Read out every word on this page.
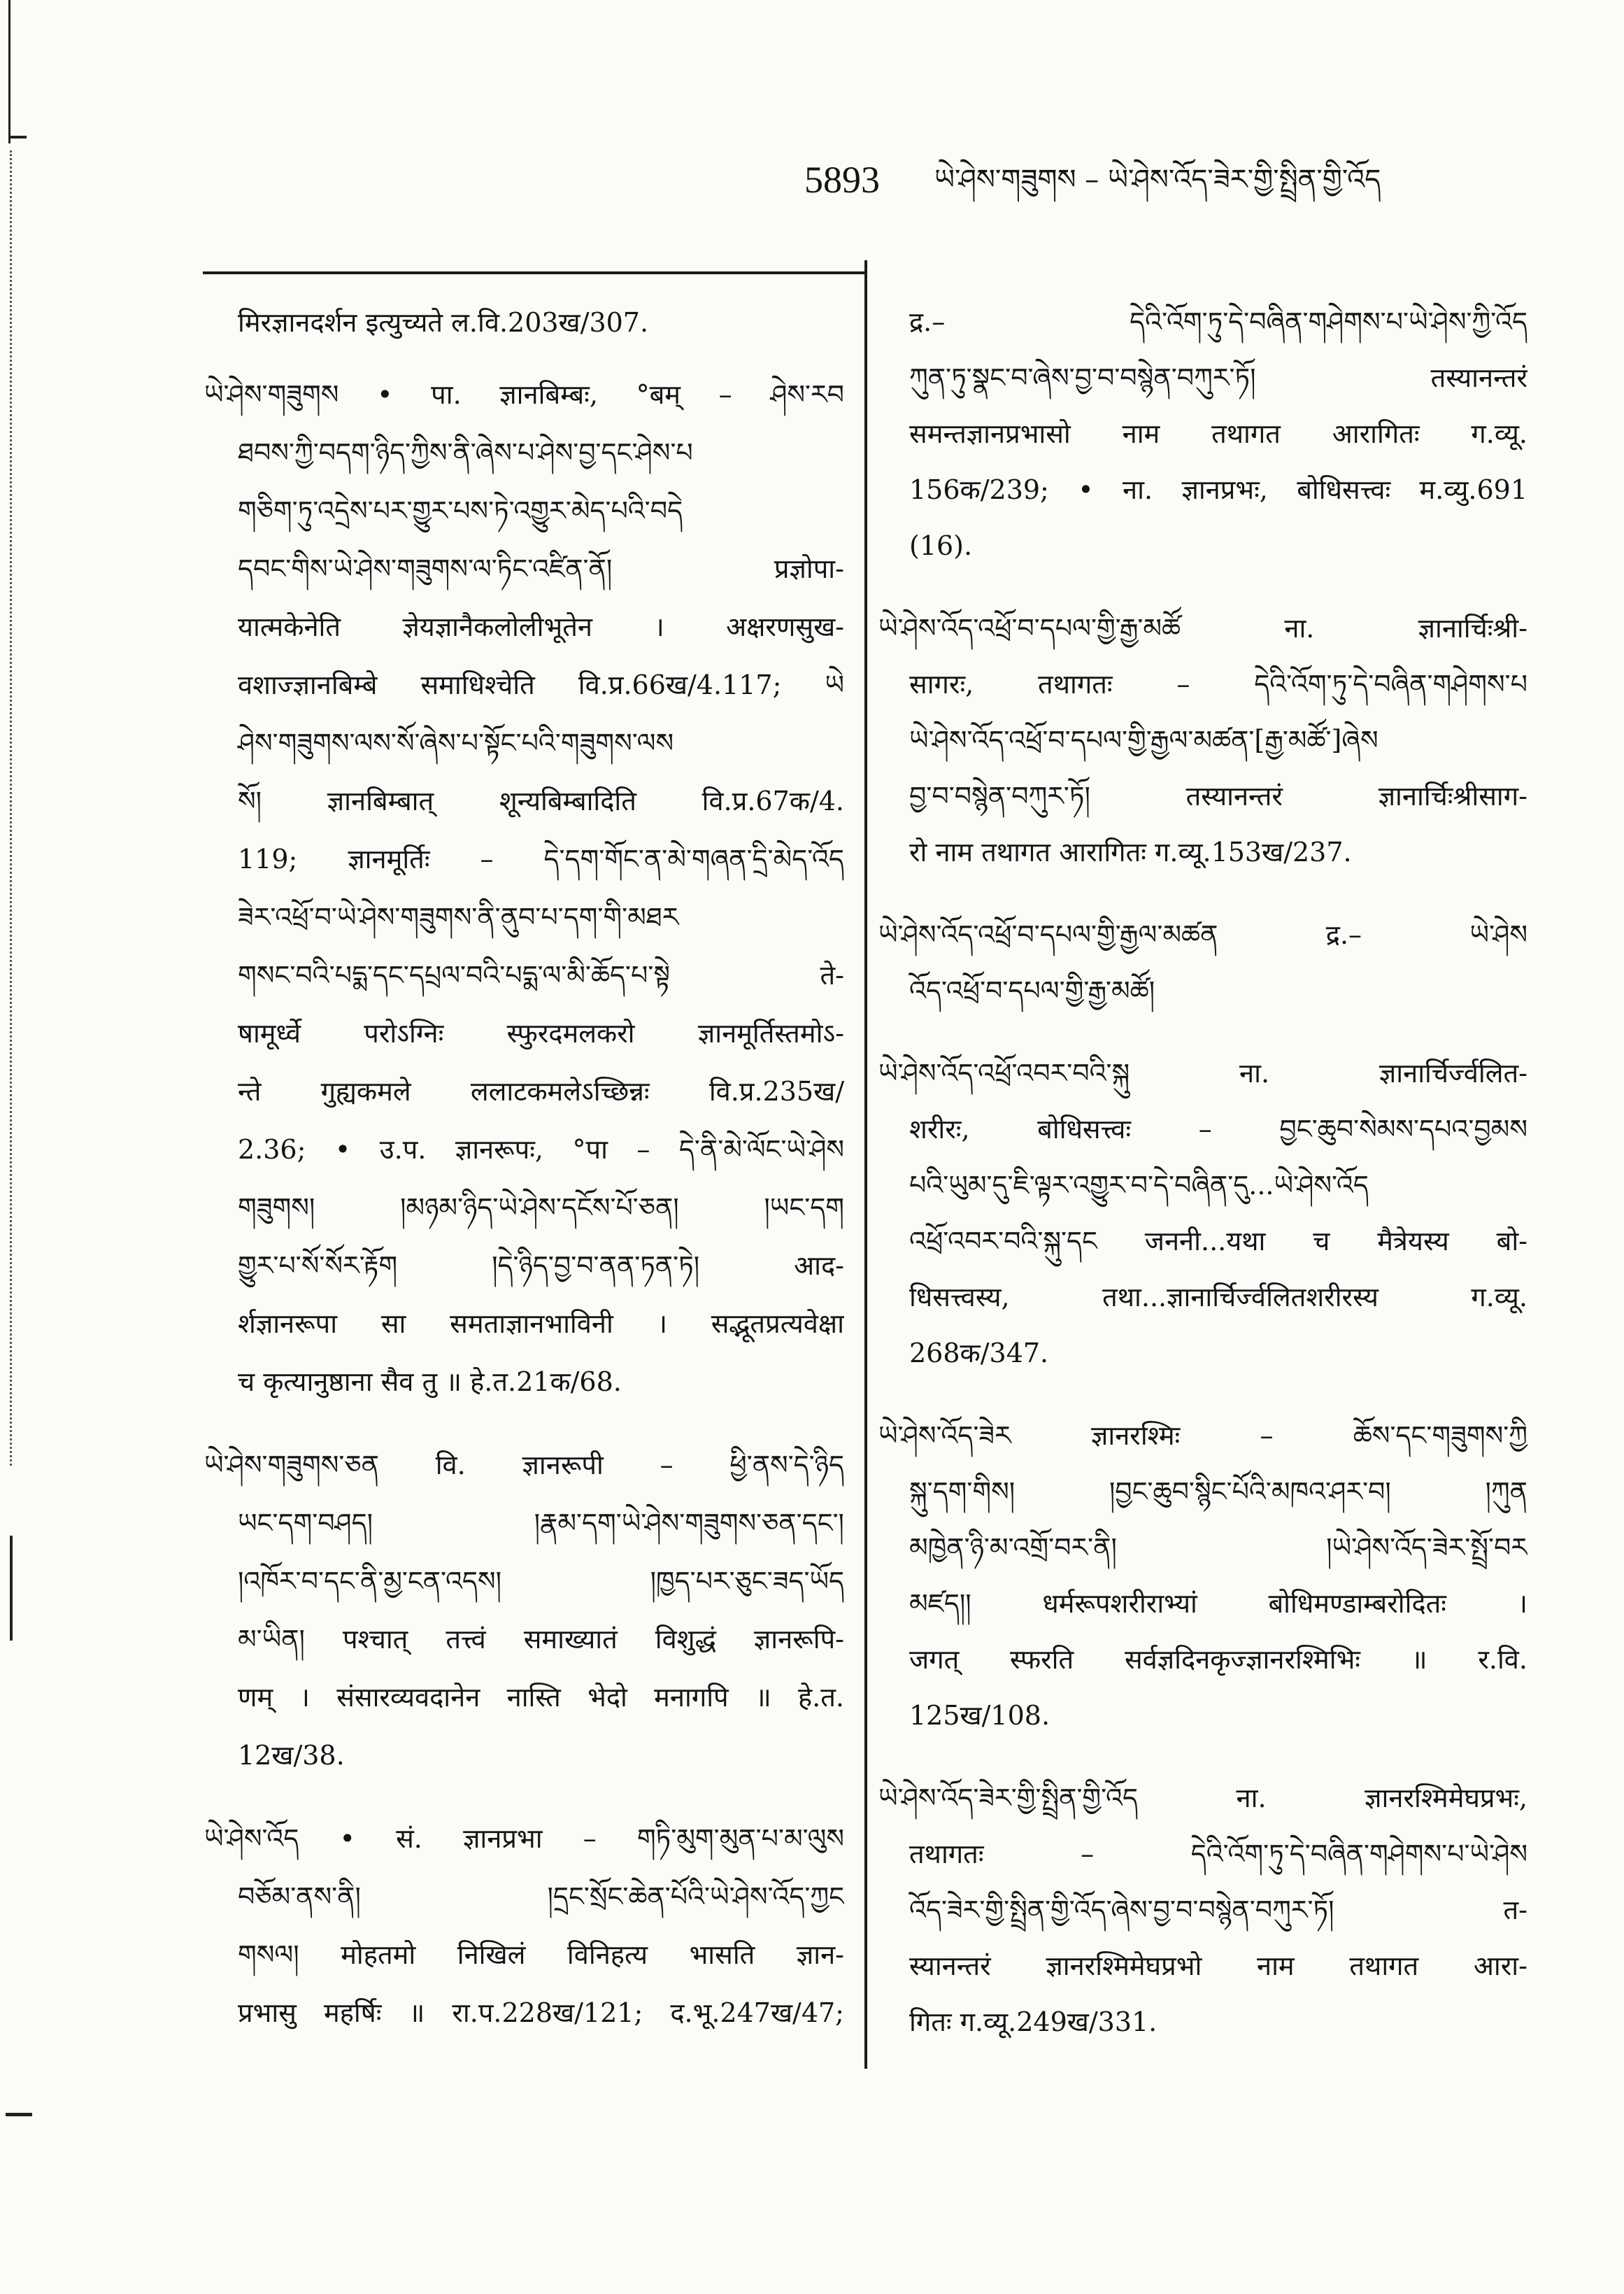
5893 ཡེ་ཤེས་གཟུགས – ཡེ་ཤེས་འོད་ཟེར་གྱི་སྤྲིན་གྱི་འོད
मिरज्ञानदर्शन इत्युच्यते ल.वि.203ख/307.
ཡེ་ཤེས་གཟུགས • पा. ज्ञानबिम्बः, °बम् – ཤེས་རབ
ཐབས་ཀྱི་བདག་ཉིད་ཀྱིས་ནི་ཞེས་པ་ཤེས་བྱ་དང་ཤེས་པ
གཅིག་ཏུ་འདྲེས་པར་གྱུར་པས་ཏེ་འགྱུར་མེད་པའི་བདེ
དབང་གིས་ཡེ་ཤེས་གཟུགས་ལ་ཏིང་འཛིན་ནོ། प्रज्ञोपा-
यात्मकेनेति ज्ञेयज्ञानैकलोलीभूतेन । अक्षरणसुख-
वशाज्ज्ञानबिम्बे समाधिश्चेति वि.प्र.66ख/4.117; ཡེ
ཤེས་གཟུགས་ལས་སོ་ཞེས་པ་སྟོང་པའི་གཟུགས་ལས
སོ། ज्ञानबिम्बात् शून्यबिम्बादिति वि.प्र.67क/4.
119; ज्ञानमूर्तिः – དེ་དག་གོང་ན་མེ་གཞན་དྲི་མེད་འོད
ཟེར་འཕྲོ་བ་ཡེ་ཤེས་གཟུགས་ནི་ནུབ་པ་དག་གི་མཐར
གསང་བའི་པདྨ་དང་དཔྲལ་བའི་པདྨ་ལ་མི་ཆོད་པ་སྟེ ते-
षामूर्ध्वे परोऽग्निः स्फुरदमलकरो ज्ञानमूर्तिस्तमोऽ-
न्ते गुह्यकमले ललाटकमलेऽच्छिन्नः वि.प्र.235ख/
2.36; • उ.प. ज्ञानरूपः, °पा – དེ་ནི་མེ་ལོང་ཡེ་ཤེས
གཟུགས། །མཉམ་ཉིད་ཡེ་ཤེས་དངོས་པོ་ཅན། །ཡང་དག
གྱུར་པ་སོ་སོར་རྟོག །དེ་ཉིད་བྱ་བ་ནན་ཏན་ཏེ། आद-
र्शज्ञानरूपा सा समताज्ञानभाविनी । सद्भूतप्रत्यवेक्षा
च कृत्यानुष्ठाना सैव तु ॥ हे.त.21क/68.
ཡེ་ཤེས་གཟུགས་ཅན वि. ज्ञानरूपी – ཕྱི་ནས་དེ་ཉིད
ཡང་དག་བཤད། །རྣམ་དག་ཡེ་ཤེས་གཟུགས་ཅན་དང་།
།འཁོར་བ་དང་ནི་མྱ་ངན་འདས། །ཁྱད་པར་ཅུང་ཟད་ཡོད
མ་ཡིན། पश्चात् तत्त्वं समाख्यातं विशुद्धं ज्ञानरूपि-
णम् । संसारव्यवदानेन नास्ति भेदो मनागपि ॥ हे.त.
12ख/38.
ཡེ་ཤེས་འོད • सं. ज्ञानप्रभा – གཏི་མུག་མུན་པ་མ་ལུས
བཅོམ་ནས་ནི། །དྲང་སྲོང་ཆེན་པོའི་ཡེ་ཤེས་འོད་ཀྱང
གསལ། मोहतमो निखिलं विनिहत्य भासति ज्ञान-
प्रभासु महर्षिः ॥ रा.प.228ख/121; द.भू.247ख/47;
द्र.– དེའི་འོག་ཏུ་དེ་བཞིན་གཤེགས་པ་ཡེ་ཤེས་ཀྱི་འོད
ཀུན་ཏུ་སྣང་བ་ཞེས་བྱ་བ་བསྙེན་བཀུར་ཏོ། तस्यानन्तरं
समन्तज्ञानप्रभासो नाम तथागत आरागितः ग.व्यू.
156क/239; • ना. ज्ञानप्रभः, बोधिसत्त्वः म.व्यु.691
(16).
ཡེ་ཤེས་འོད་འཕྲོ་བ་དཔལ་གྱི་རྒྱ་མཚོ ना. ज्ञानार्चिःश्री-
सागरः, तथागतः – དེའི་འོག་ཏུ་དེ་བཞིན་གཤེགས་པ
ཡེ་ཤེས་འོད་འཕྲོ་བ་དཔལ་གྱི་རྒྱལ་མཚན་[རྒྱ་མཚོ་]ཞེས
བྱ་བ་བསྙེན་བཀུར་ཏོ། तस्यानन्तरं ज्ञानार्चिःश्रीसाग-
रो नाम तथागत आरागितः ग.व्यू.153ख/237.
ཡེ་ཤེས་འོད་འཕྲོ་བ་དཔལ་གྱི་རྒྱལ་མཚན द्र.– ཡེ་ཤེས
འོད་འཕྲོ་བ་དཔལ་གྱི་རྒྱ་མཚོ།
ཡེ་ཤེས་འོད་འཕྲོ་འབར་བའི་སྐུ ना. ज्ञानार्चिर्ज्वलित-
शरीरः, बोधिसत्त्वः – བྱང་ཆུབ་སེམས་དཔའ་བྱམས
པའི་ཡུམ་དུ་ཇི་ལྟར་འགྱུར་བ་དེ་བཞིན་དུ...ཡེ་ཤེས་འོད
འཕྲོ་འབར་བའི་སྐུ་དང जननी...यथा च मैत्रेयस्य बो-
धिसत्त्वस्य, तथा...ज्ञानार्चिर्ज्वलितशरीरस्य ग.व्यू.
268क/347.
ཡེ་ཤེས་འོད་ཟེར ज्ञानरश्मिः – ཆོས་དང་གཟུགས་ཀྱི
སྐུ་དག་གིས། །བྱང་ཆུབ་སྙིང་པོའི་མཁའ་ཤར་བ། །ཀུན
མཁྱེན་ཉི་མ་འགྲོ་བར་ནི། །ཡེ་ཤེས་འོད་ཟེར་སྤྲོ་བར
མཛད།། धर्मरूपशरीराभ्यां बोधिमण्डाम्बरोदितः ।
जगत् स्फरति सर्वज्ञदिनकृज्ज्ञानरश्मिभिः ॥ र.वि.
125ख/108.
ཡེ་ཤེས་འོད་ཟེར་གྱི་སྤྲིན་གྱི་འོད ना. ज्ञानरश्मिमेघप्रभः,
तथागतः – དེའི་འོག་ཏུ་དེ་བཞིན་གཤེགས་པ་ཡེ་ཤེས
འོད་ཟེར་གྱི་སྤྲིན་གྱི་འོད་ཞེས་བྱ་བ་བསྙེན་བཀུར་ཏོ། त-
स्यानन्तरं ज्ञानरश्मिमेघप्रभो नाम तथागत आरा-
गितः ग.व्यू.249ख/331.
